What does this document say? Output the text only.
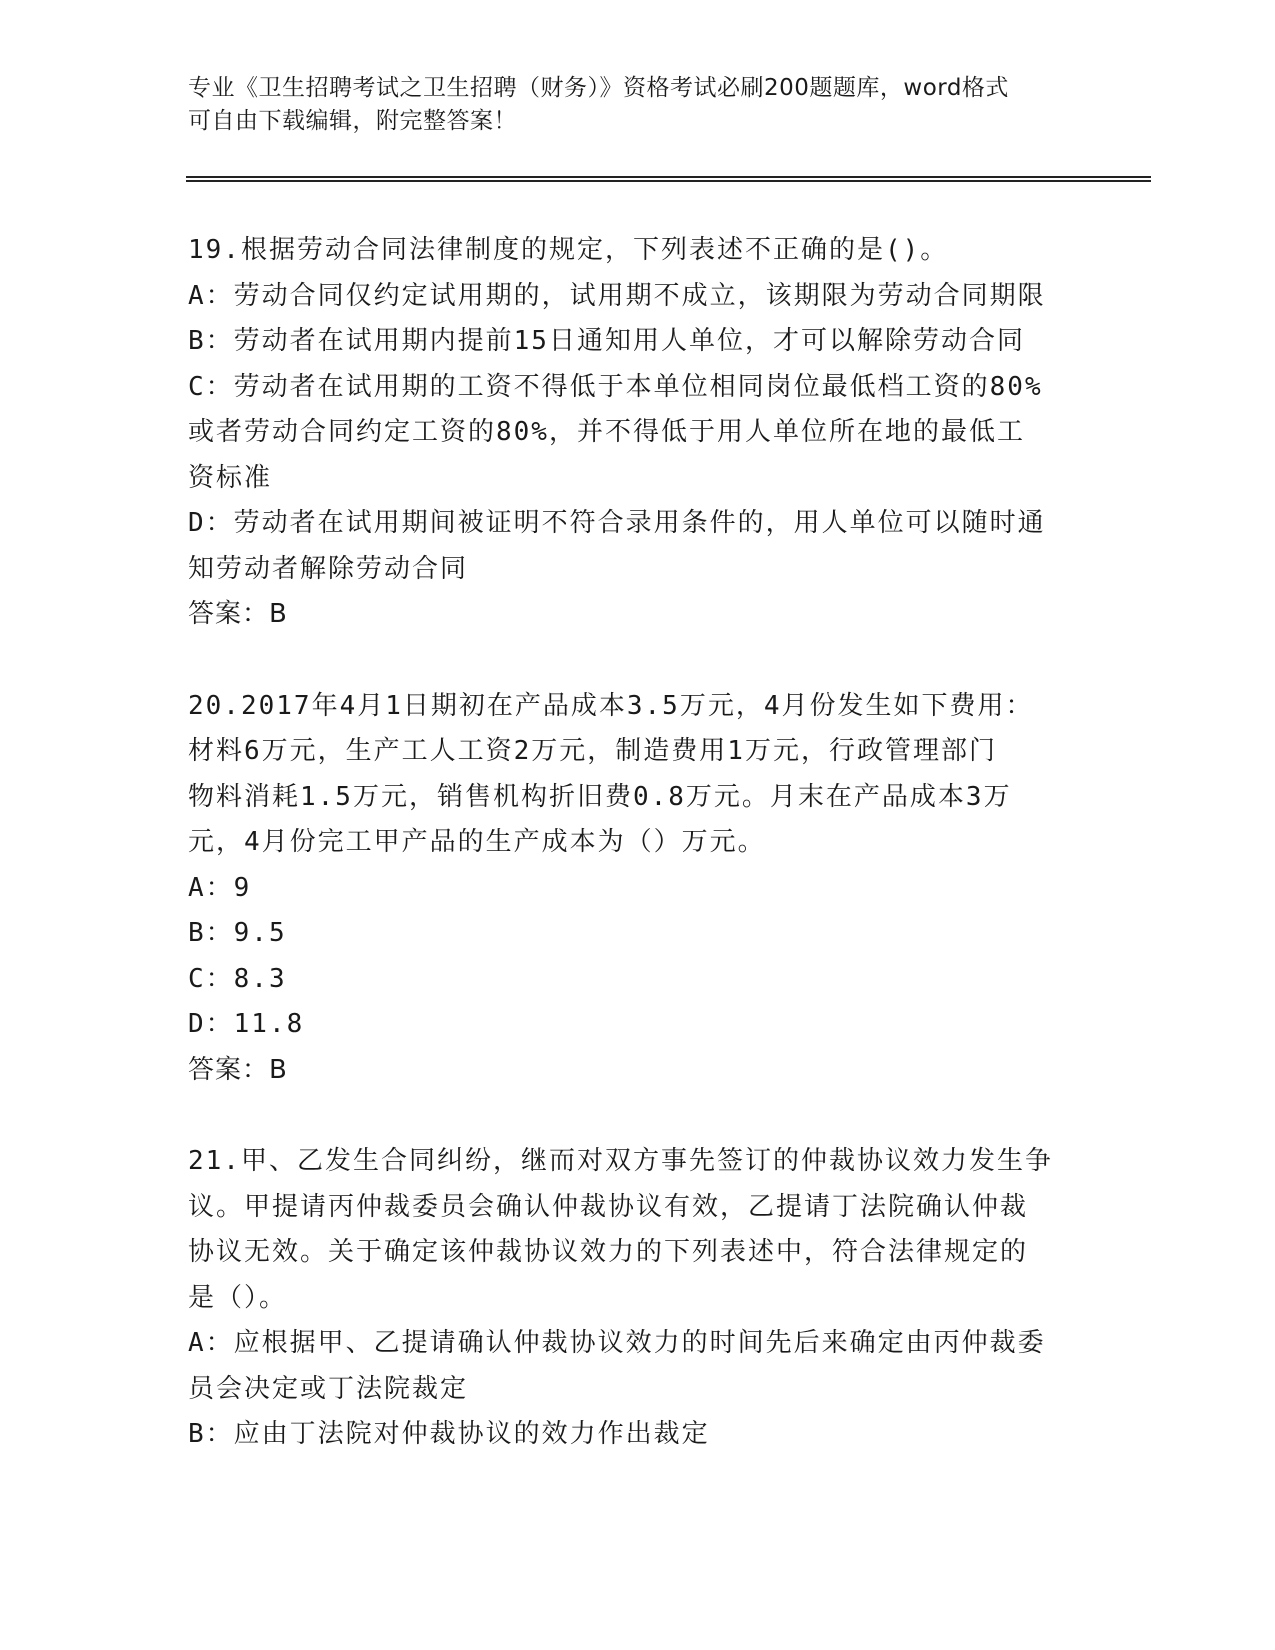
专业《卫生招聘考试之卫生招聘（财务）》资格考试必刷200题题库，word格式
可自由下载编辑，附完整答案！
19.根据劳动合同法律制度的规定，下列表述不正确的是()。
A：劳动合同仅约定试用期的，试用期不成立，该期限为劳动合同期限
B：劳动者在试用期内提前15日通知用人单位，才可以解除劳动合同
C：劳动者在试用期的工资不得低于本单位相同岗位最低档工资的80%
或者劳动合同约定工资的80%，并不得低于用人单位所在地的最低工
资标准
D：劳动者在试用期间被证明不符合录用条件的，用人单位可以随时通
知劳动者解除劳动合同
答案：B
20.2017年4月1日期初在产品成本3.5万元，4月份发生如下费用：
材料6万元，生产工人工资2万元，制造费用1万元，行政管理部门
物料消耗1.5万元，销售机构折旧费0.8万元。月末在产品成本3万
元，4月份完工甲产品的生产成本为（）万元。
A：9
B：9.5
C：8.3
D：11.8
答案：B
21.甲、乙发生合同纠纷，继而对双方事先签订的仲裁协议效力发生争
议。甲提请丙仲裁委员会确认仲裁协议有效，乙提请丁法院确认仲裁
协议无效。关于确定该仲裁协议效力的下列表述中，符合法律规定的
是（）。
A：应根据甲、乙提请确认仲裁协议效力的时间先后来确定由丙仲裁委
员会决定或丁法院裁定
B：应由丁法院对仲裁协议的效力作出裁定
